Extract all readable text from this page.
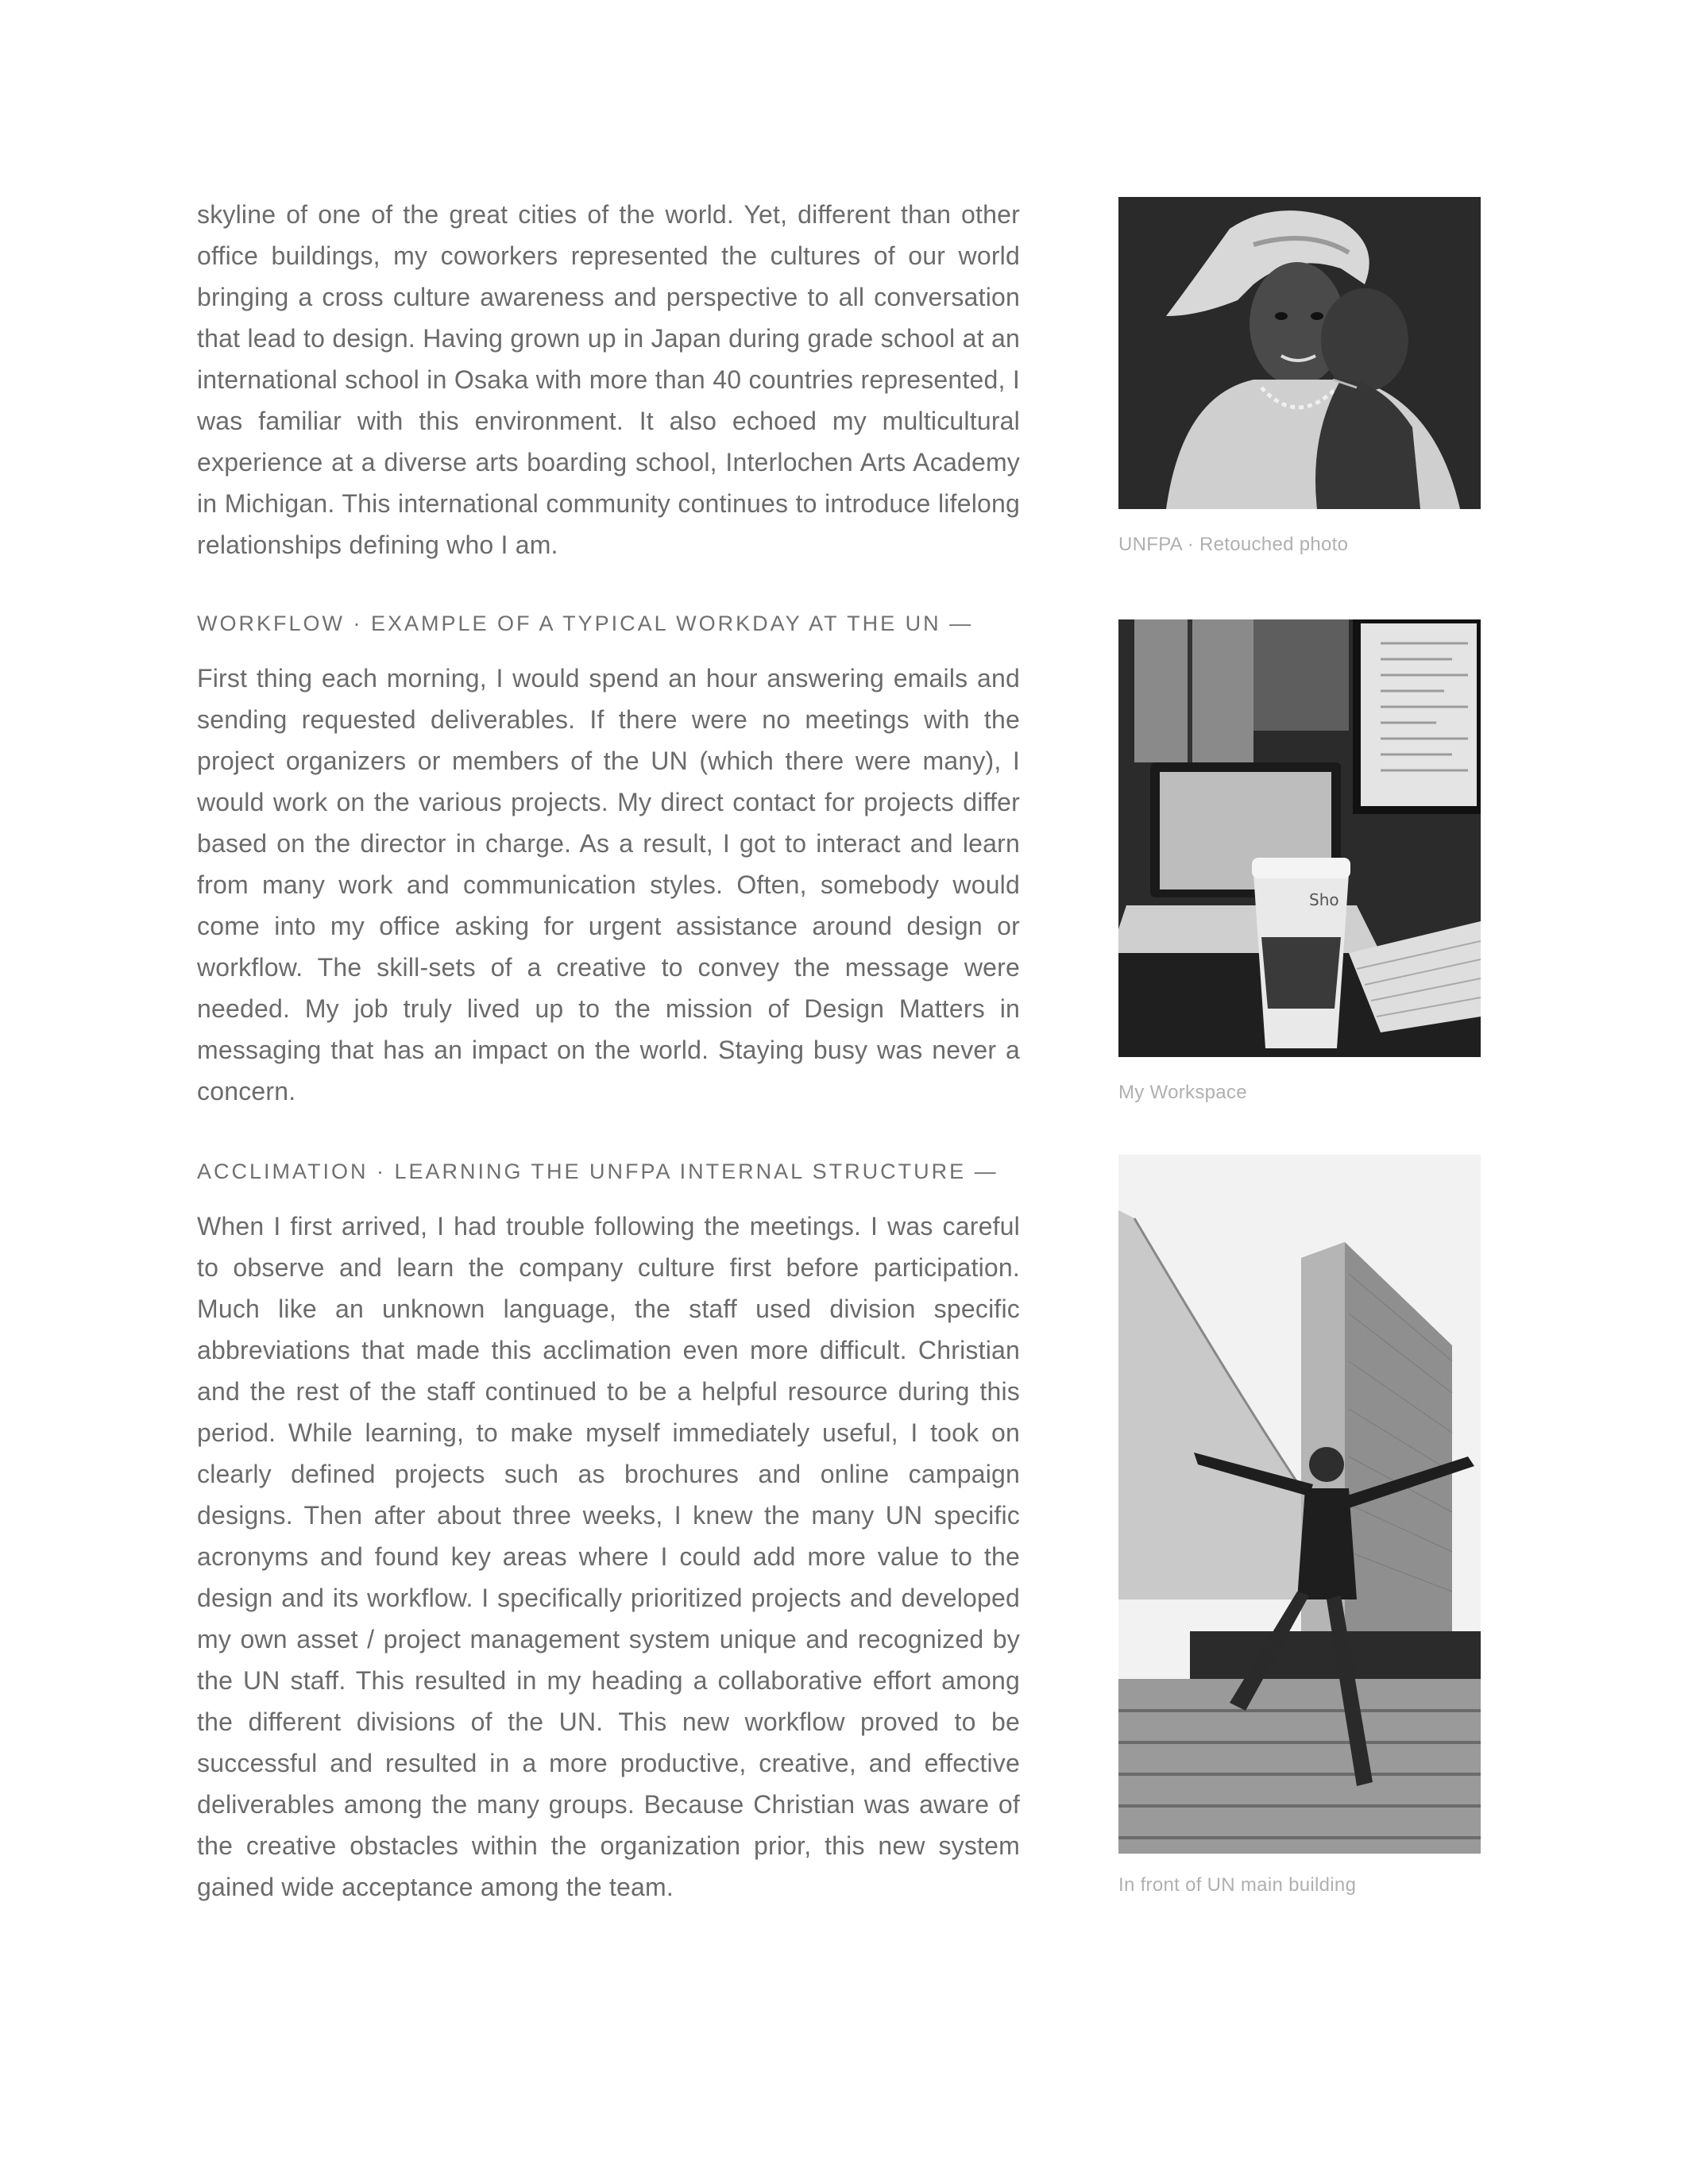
skyline of one of the great cities of the world. Yet, different than other office buildings, my coworkers represented the cultures of our world bringing a cross culture awareness and perspective to all conversation that lead to design. Having grown up in Japan during grade school at an international school in Osaka with more than 40 countries represented, I was familiar with this environment. It also echoed my multicultural experience at a diverse arts boarding school, Interlochen Arts Academy in Michigan. This international community continues to introduce lifelong relationships defining who I am.

WORKFLOW · EXAMPLE OF A TYPICAL WORKDAY AT THE UN —

First thing each morning, I would spend an hour answering emails and sending requested deliverables. If there were no meetings with the project organizers or members of the UN (which there were many), I would work on the various projects. My direct contact for projects differ based on the director in charge. As a result, I got to interact and learn from many work and communication styles. Often, somebody would come into my office asking for urgent assistance around design or workflow. The skill-sets of a creative to convey the message were needed. My job truly lived up to the mission of Design Matters in messaging that has an impact on the world. Staying busy was never a concern.

ACCLIMATION · LEARNING THE UNFPA INTERNAL STRUCTURE —

When I first arrived, I had trouble following the meetings. I was careful to observe and learn the company culture first before participation. Much like an unknown language, the staff used division specific abbreviations that made this acclimation even more difficult. Christian and the rest of the staff continued to be a helpful resource during this period. While learning, to make myself immediately useful, I took on clearly defined projects such as brochures and online campaign designs. Then after about three weeks, I knew the many UN specific acronyms and found key areas where I could add more value to the design and its workflow. I specifically prioritized projects and developed my own asset / project management system unique and recognized by the UN staff. This resulted in my heading a collaborative effort among the different divisions of the UN. This new workflow proved to be successful and resulted in a more productive, creative, and effective deliverables among the many groups. Because Christian was aware of the creative obstacles within the organization prior, this new system gained wide acceptance among the team.

UNFPA · Retouched photo
Sho
My Workspace
In front of UN main building
